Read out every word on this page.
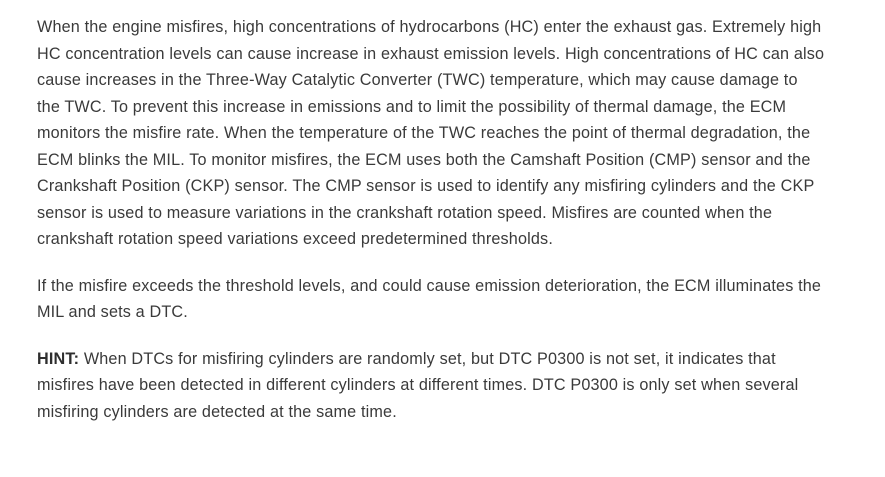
When the engine misfires, high concentrations of hydrocarbons (HC) enter the exhaust gas. Extremely high HC concentration levels can cause increase in exhaust emission levels. High concentrations of HC can also cause increases in the Three-Way Catalytic Converter (TWC) temperature, which may cause damage to the TWC. To prevent this increase in emissions and to limit the possibility of thermal damage, the ECM monitors the misfire rate. When the temperature of the TWC reaches the point of thermal degradation, the ECM blinks the MIL. To monitor misfires, the ECM uses both the Camshaft Position (CMP) sensor and the Crankshaft Position (CKP) sensor. The CMP sensor is used to identify any misfiring cylinders and the CKP sensor is used to measure variations in the crankshaft rotation speed. Misfires are counted when the crankshaft rotation speed variations exceed predetermined thresholds.

If the misfire exceeds the threshold levels, and could cause emission deterioration, the ECM illuminates the MIL and sets a DTC.

HINT: When DTCs for misfiring cylinders are randomly set, but DTC P0300 is not set, it indicates that misfires have been detected in different cylinders at different times. DTC P0300 is only set when several misfiring cylinders are detected at the same time.
